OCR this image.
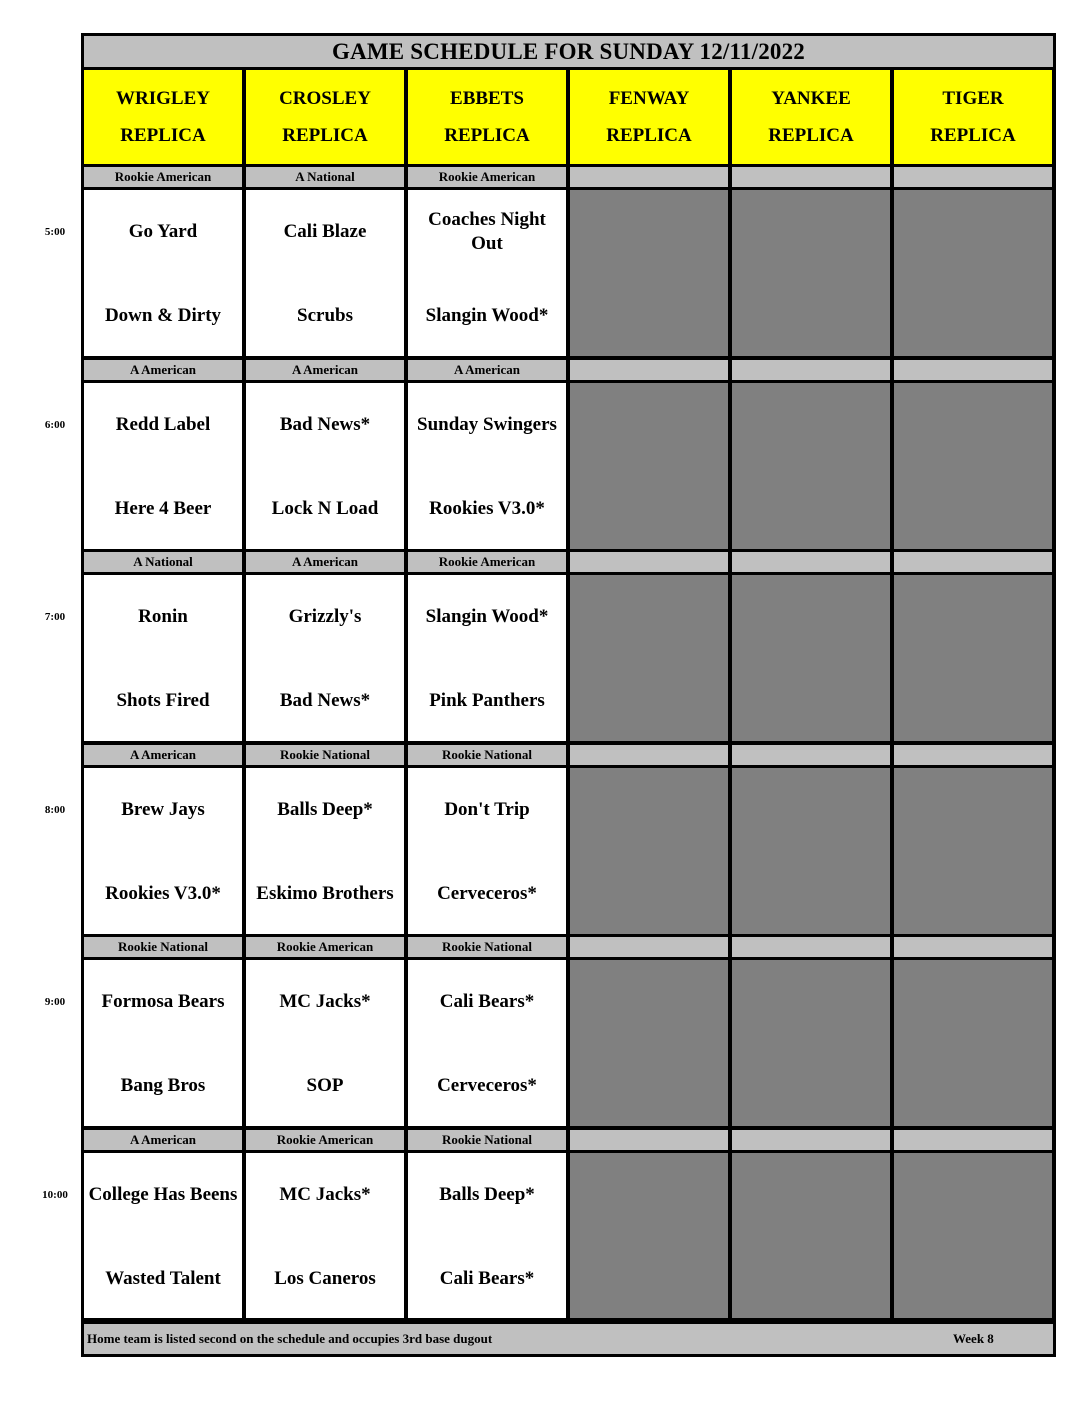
5:00
6:00
7:00
8:00
9:00
10:00
GAME SCHEDULE FOR SUNDAY 12/11/2022
WRIGLEY
REPLICA
CROSLEY
REPLICA
EBBETS
REPLICA
FENWAY
REPLICA
YANKEE
REPLICA
TIGER
REPLICA
Rookie American
Go Yard
Down & Dirty
A National
Cali Blaze
Scrubs
Rookie American
Coaches Night Out
Slangin Wood*
A American
Redd Label
Here 4 Beer
A American
Bad News*
Lock N Load
A American
Sunday Swingers
Rookies V3.0*
A National
Ronin
Shots Fired
A American
Grizzly's
Bad News*
Rookie American
Slangin Wood*
Pink Panthers
A American
Brew Jays
Rookies V3.0*
Rookie National
Balls Deep*
Eskimo Brothers
Rookie National
Don't Trip
Cerveceros*
Rookie National
Formosa Bears
Bang Bros
Rookie American
MC Jacks*
SOP
Rookie National
Cali Bears*
Cerveceros*
A American
College Has Beens
Wasted Talent
Rookie American
MC Jacks*
Los Caneros
Rookie National
Balls Deep*
Cali Bears*
Home team is listed second on the schedule and occupies 3rd base dugout	Week 8
